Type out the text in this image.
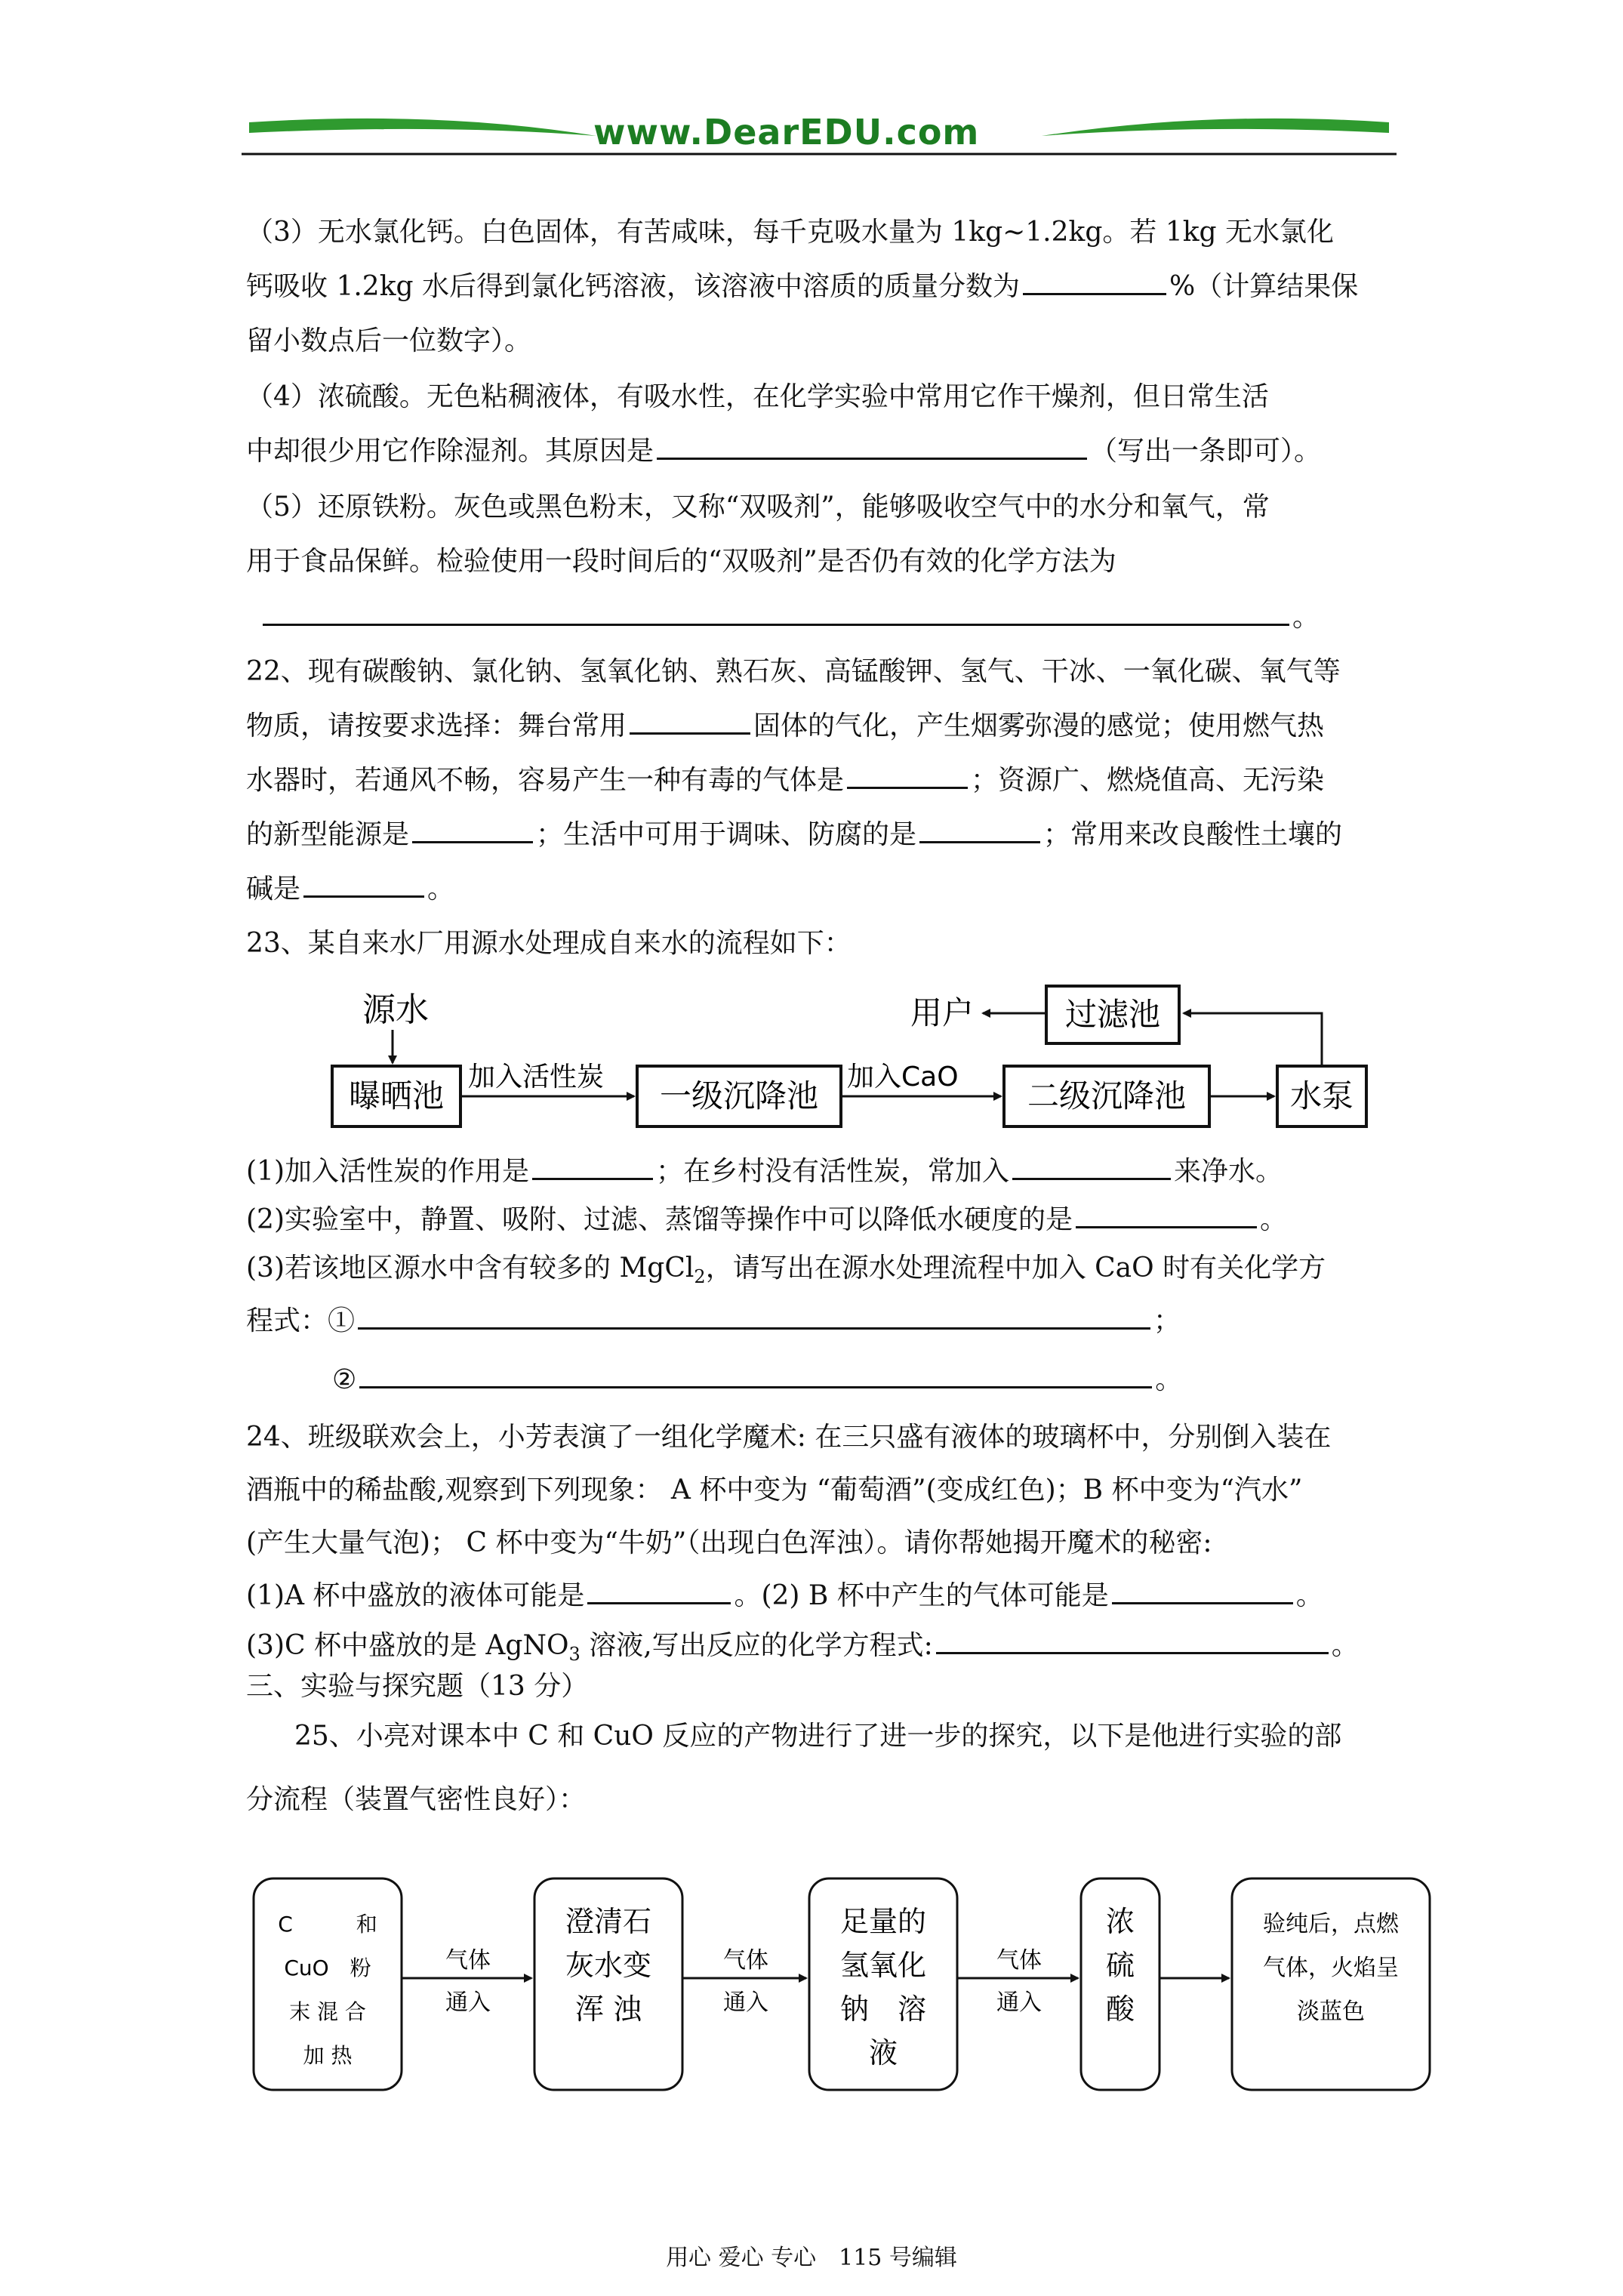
www.DearEDU.com
（3）无水氯化钙。白色固体，有苦咸味，每千克吸水量为 1kg~1.2kg。若 1kg 无水氯化
钙吸收 1.2kg 水后得到氯化钙溶液，该溶液中溶质的质量分数为	%（计算结果保
留小数点后一位数字）。
（4）浓硫酸。无色粘稠液体，有吸水性，在化学实验中常用它作干燥剂，但日常生活
中却很少用它作除湿剂。其原因是	（写出一条即可）。
（5）还原铁粉。灰色或黑色粉末，又称“双吸剂”，能够吸收空气中的水分和氧气，常
用于食品保鲜。检验使用一段时间后的“双吸剂”是否仍有效的化学方法为
。
22、现有碳酸钠、氯化钠、氢氧化钠、熟石灰、高锰酸钾、氢气、干冰、一氧化碳、氧气等
物质，请按要求选择：舞台常用	固体的气化，产生烟雾弥漫的感觉；使用燃气热
水器时，若通风不畅，容易产生一种有毒的气体是	；资源广、燃烧值高、无污染
的新型能源是	；生活中可用于调味、防腐的是	；常用来改良酸性土壤的
碱是	。
23、某自来水厂用源水处理成自来水的流程如下：
源水
曝晒池
加入活性炭
一级沉降池
加入CaO
二级沉降池	水泵
过滤池
用户
(1)加入活性炭的作用是	；在乡村没有活性炭，常加入	来净水。
(2)实验室中，静置、吸附、过滤、蒸馏等操作中可以降低水硬度的是	。
(3)若该地区源水中含有较多的 MgCl$_2$，请写出在源水处理流程中加入 CaO 时有关化学方
程式：①	；
②	。
24、班级联欢会上，小芳表演了一组化学魔术: 在三只盛有液体的玻璃杯中，分别倒入装在
酒瓶中的稀盐酸,观察到下列现象： A 杯中变为 “葡萄酒”(变成红色)；B 杯中变为“汽水”
(产生大量气泡)； C 杯中变为“牛奶”（出现白色浑浊）。请你帮她揭开魔术的秘密:
(1)A 杯中盛放的液体可能是	。(2) B 杯中产生的气体可能是	。
(3)C 杯中盛放的是 AgNO$_3$ 溶液,写出反应的化学方程式:	。
三、实验与探究题（13 分）
25、小亮对课本中 C 和 CuO 反应的产物进行了进一步的探究，以下是他进行实验的部
分流程（装置气密性良好）：
C　　　和
CuO　粉
末 混 合
加 热
澄清石
灰水变
浑 浊
足量的
氢氧化
钠　溶
液
浓
硫
酸
验纯后，点燃
气体，火焰呈
淡蓝色
气体
通入
气体
通入
气体
通入
用心 爱心 专心　115 号编辑
